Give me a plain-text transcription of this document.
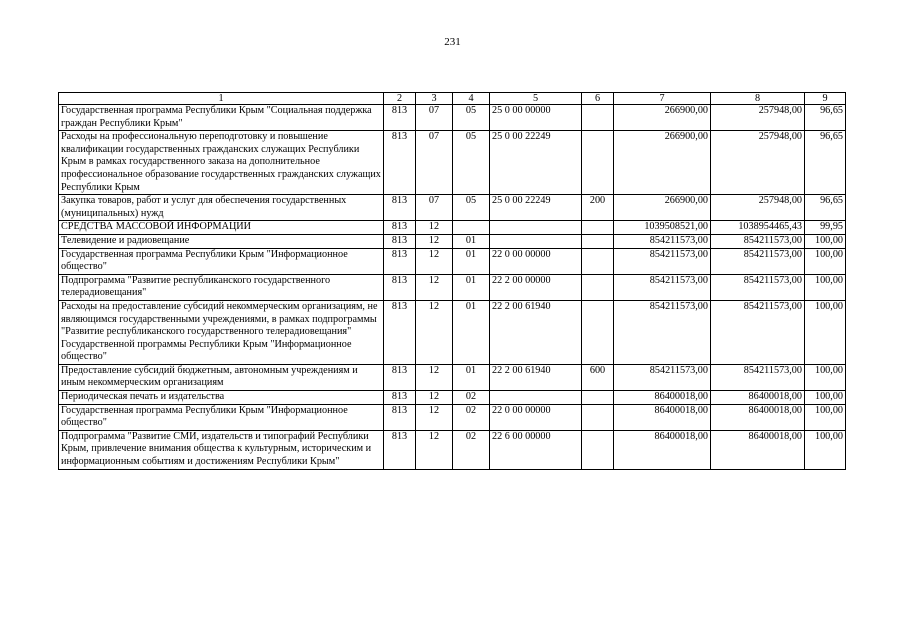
231
1	2	3	4	5	6	7	8	9
Государственная программа Республики Крым "Социальная поддержка граждан Республики Крым"	813	07	05	25 0 00 00000		266900,00	257948,00	96,65
Расходы на профессиональную переподготовку и повышение квалификации государственных гражданских служащих Республики Крым в рамках государственного заказа на дополнительное профессиональное образование государственных гражданских служащих Республики Крым	813	07	05	25 0 00 22249		266900,00	257948,00	96,65
Закупка товаров, работ и услуг для обеспечения государственных (муниципальных) нужд	813	07	05	25 0 00 22249	200	266900,00	257948,00	96,65
СРЕДСТВА МАССОВОЙ ИНФОРМАЦИИ	813	12				1039508521,00	1038954465,43	99,95
Телевидение и радиовещание	813	12	01			854211573,00	854211573,00	100,00
Государственная программа Республики Крым "Информационное общество"	813	12	01	22 0 00 00000		854211573,00	854211573,00	100,00
Подпрограмма "Развитие республиканского государственного телерадиовещания"	813	12	01	22 2 00 00000		854211573,00	854211573,00	100,00
Расходы на предоставление субсидий некоммерческим организациям, не являющимся государственными учреждениями, в рамках подпрограммы "Развитие республиканского государственного телерадиовещания" Государственной программы Республики Крым "Информационное общество"	813	12	01	22 2 00 61940		854211573,00	854211573,00	100,00
Предоставление субсидий бюджетным, автономным учреждениям и иным некоммерческим организациям	813	12	01	22 2 00 61940	600	854211573,00	854211573,00	100,00
Периодическая печать и издательства	813	12	02			86400018,00	86400018,00	100,00
Государственная программа Республики Крым "Информационное общество"	813	12	02	22 0 00 00000		86400018,00	86400018,00	100,00
Подпрограмма "Развитие СМИ, издательств и типографий Республики Крым, привлечение внимания общества к культурным, историческим и информационным событиям и достижениям Республики Крым"	813	12	02	22 6 00 00000		86400018,00	86400018,00	100,00
